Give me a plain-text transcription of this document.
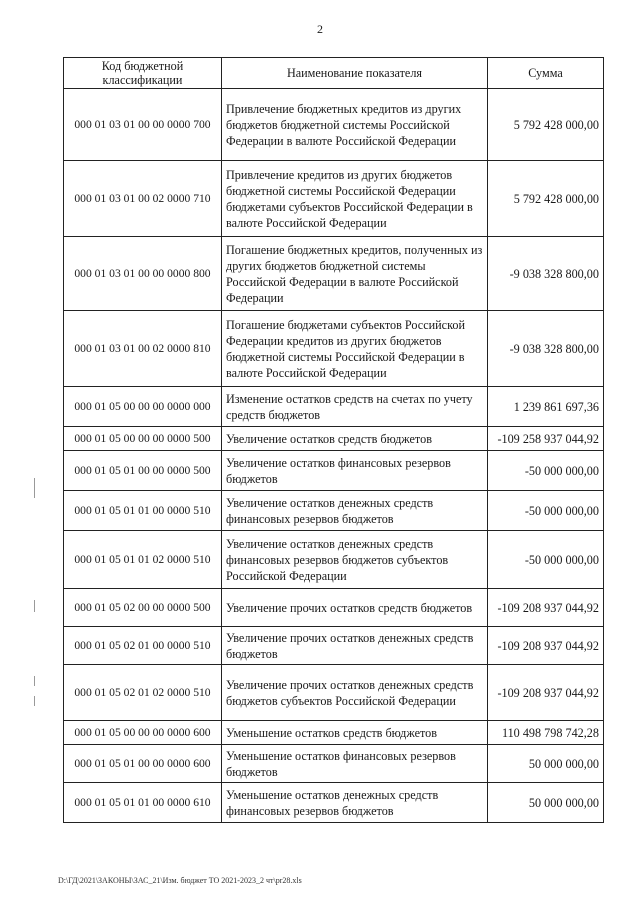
2
Код бюджетной классификации	Наименование показателя	Сумма
000 01 03 01 00 00 0000 700	Привлечение бюджетных кредитов из других бюджетов бюджетной системы Российской Федерации в валюте Российской Федерации	5 792 428 000,00
000 01 03 01 00 02 0000 710	Привлечение кредитов из других бюджетов бюджетной системы Российской Федерации бюджетами субъектов Российской Федерации в валюте Российской Федерации	5 792 428 000,00
000 01 03 01 00 00 0000 800	Погашение бюджетных кредитов, полученных из других бюджетов бюджетной системы Российской Федерации в валюте Российской Федерации	-9 038 328 800,00
000 01 03 01 00 02 0000 810	Погашение бюджетами субъектов Российской Федерации кредитов из других бюджетов бюджетной системы Российской Федерации в валюте Российской Федерации	-9 038 328 800,00
000 01 05 00 00 00 0000 000	Изменение остатков средств на счетах по учету средств бюджетов	1 239 861 697,36
000 01 05 00 00 00 0000 500	Увеличение остатков средств бюджетов	-109 258 937 044,92
000 01 05 01 00 00 0000 500	Увеличение остатков финансовых резервов бюджетов	-50 000 000,00
000 01 05 01 01 00 0000 510	Увеличение остатков денежных средств финансовых резервов бюджетов	-50 000 000,00
000 01 05 01 01 02 0000 510	Увеличение остатков денежных средств финансовых резервов бюджетов субъектов Российской Федерации	-50 000 000,00
000 01 05 02 00 00 0000 500	Увеличение прочих остатков средств бюджетов	-109 208 937 044,92
000 01 05 02 01 00 0000 510	Увеличение прочих остатков денежных средств бюджетов	-109 208 937 044,92
000 01 05 02 01 02 0000 510	Увеличение прочих остатков денежных средств бюджетов субъектов Российской Федерации	-109 208 937 044,92
000 01 05 00 00 00 0000 600	Уменьшение остатков средств бюджетов	110 498 798 742,28
000 01 05 01 00 00 0000 600	Уменьшение остатков финансовых резервов бюджетов	50 000 000,00
000 01 05 01 01 00 0000 610	Уменьшение остатков денежных средств финансовых резервов бюджетов	50 000 000,00
D:\ГД\2021\ЗАКОНЫ\ЗАС_21\Изм. бюджет ТО 2021-2023_2 чт\pr28.xls
